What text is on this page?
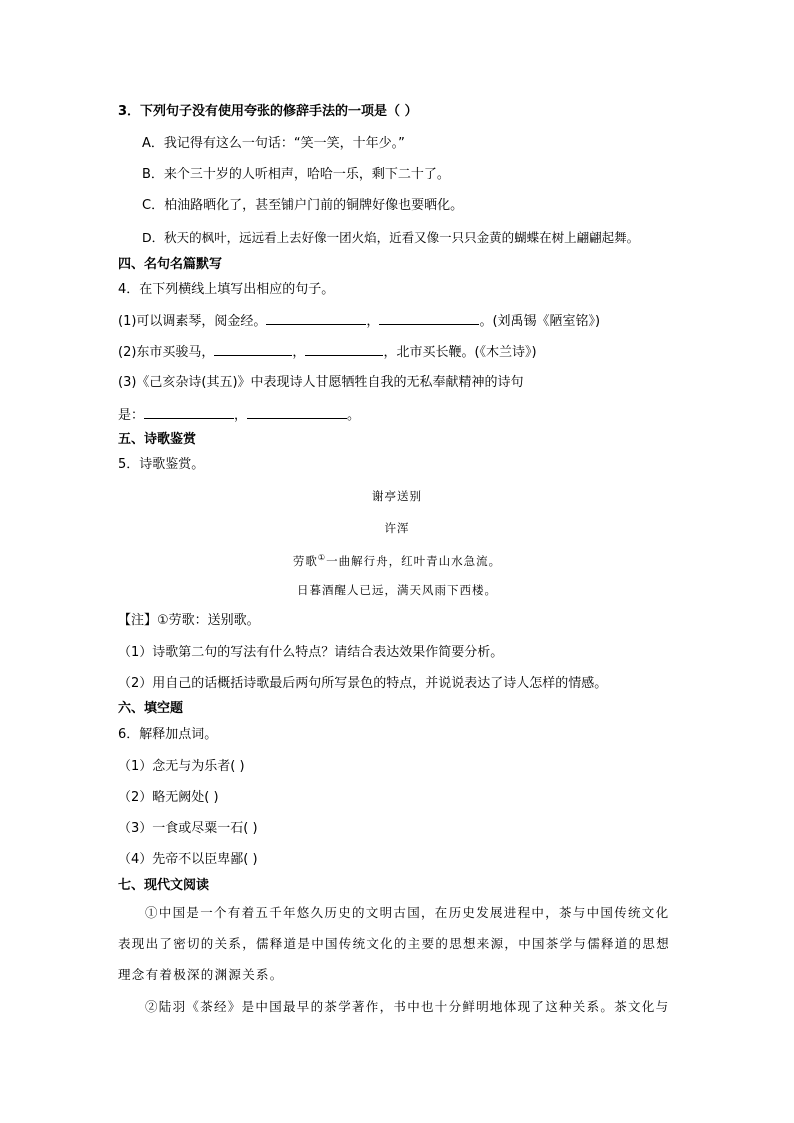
3．下列句子没有使用夸张的修辞手法的一项是（ ）
A．我记得有这么一句话：“笑一笑，十年少。”
B．来个三十岁的人听相声，哈哈一乐，剩下二十了。
C．柏油路晒化了，甚至铺户门前的铜牌好像也要晒化。
D．秋天的枫叶，远远看上去好像一团火焰，近看又像一只只金黄的蝴蝶在树上翩翩起舞。
四、名句名篇默写
4．在下列横线上填写出相应的句子。
(1)可以调素琴，阅金经。	，	。(刘禹锡《陋室铭》)
(2)东市买骏马，	，	，北市买长鞭。(《木兰诗》)
(3)《己亥杂诗(其五)》中表现诗人甘愿牺牲自我的无私奉献精神的诗句
是：	，	。
五、诗歌鉴赏
5．诗歌鉴赏。
谢亭送别
许浑
劳歌①一曲解行舟，红叶青山水急流。
日暮酒醒人已远，满天风雨下西楼。
【注】①劳歌：送别歌。
（1）诗歌第二句的写法有什么特点？请结合表达效果作简要分析。
（2）用自己的话概括诗歌最后两句所写景色的特点，并说说表达了诗人怎样的情感。
六、填空题
6．解释加点词。
（1）念无与为乐者( )
（2）略无阙处( )
（3）一食或尽粟一石( )
（4）先帝不以臣卑鄙( )
七、现代文阅读
①中国是一个有着五千年悠久历史的文明古国，在历史发展进程中，茶与中国传统文化
表现出了密切的关系，儒释道是中国传统文化的主要的思想来源，中国茶学与儒释道的思想
理念有着极深的渊源关系。
②陆羽《茶经》是中国最早的茶学著作，书中也十分鲜明地体现了这种关系。茶文化与
